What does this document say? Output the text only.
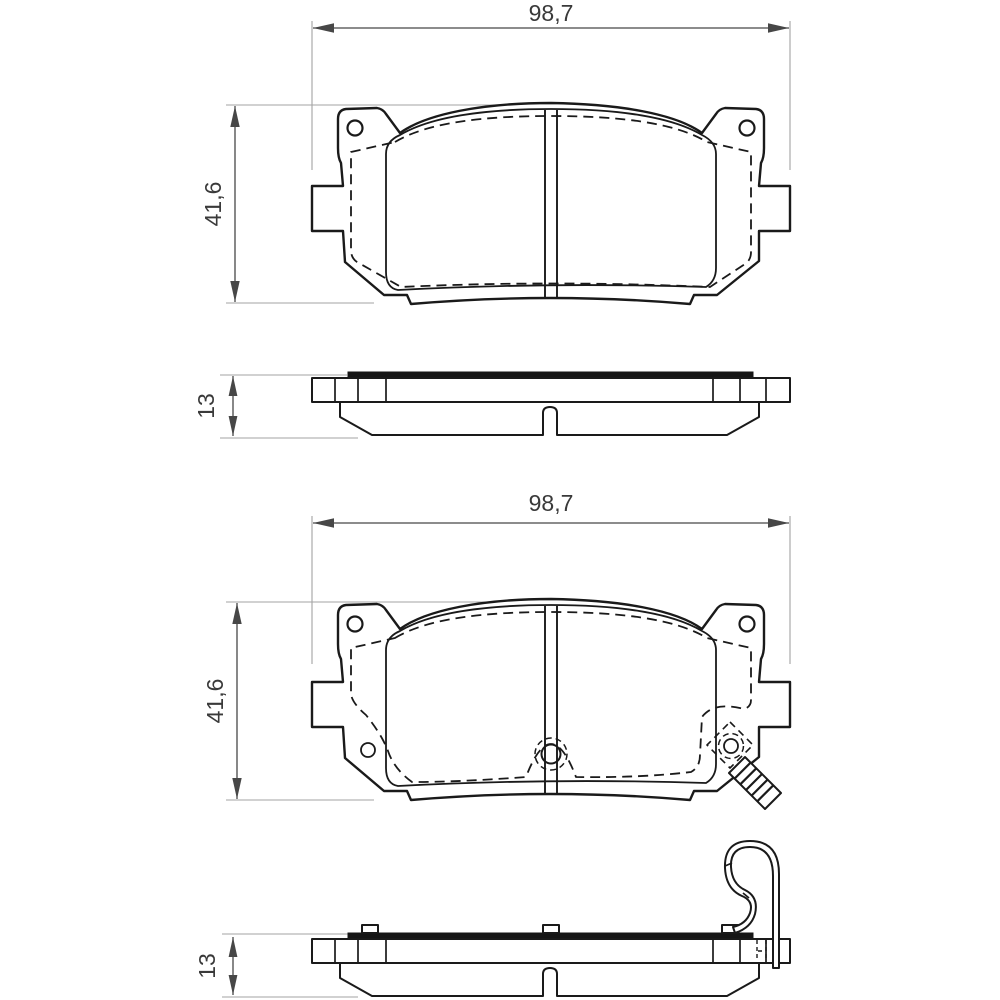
98,7
41,6
13
98,7
41,6
13
